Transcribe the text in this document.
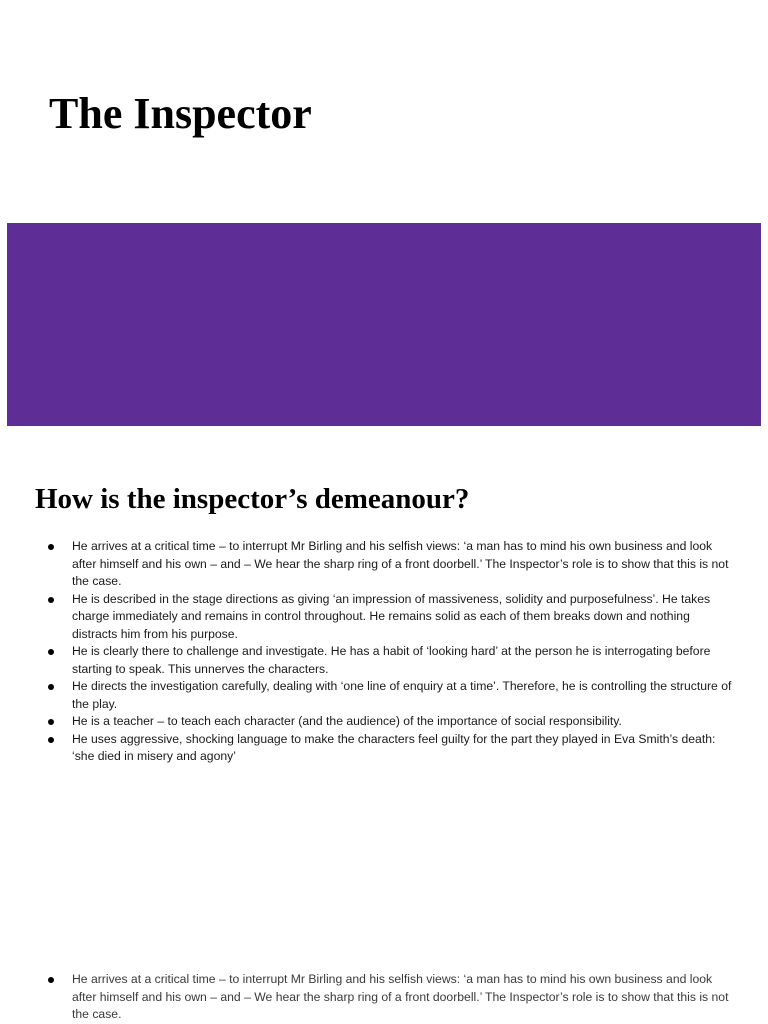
The Inspector
How is the inspector’s demeanour?
He arrives at a critical time – to interrupt Mr Birling and his selfish views: ‘a man has to mind his own business and look after himself and his own – and – We hear the sharp ring of a front doorbell.’ The Inspector’s role is to show that this is not the case.
He is described in the stage directions as giving ‘an impression of massiveness, solidity and purposefulness’. He takes charge immediately and remains in control throughout. He remains solid as each of them breaks down and nothing distracts him from his purpose.
He is clearly there to challenge and investigate. He has a habit of ‘looking hard’ at the person he is interrogating before starting to speak. This unnerves the characters.
He directs the investigation carefully, dealing with ‘one line of enquiry at a time’. Therefore, he is controlling the structure of the play.
He is a teacher – to teach each character (and the audience) of the importance of social responsibility.
He uses aggressive, shocking language to make the characters feel guilty for the part they played in Eva Smith’s death: ‘she died in misery and agony’
He arrives at a critical time – to interrupt Mr Birling and his selfish views: ‘a man has to mind his own business and look after himself and his own – and – We hear the sharp ring of a front doorbell.’ The Inspector’s role is to show that this is not the case.
